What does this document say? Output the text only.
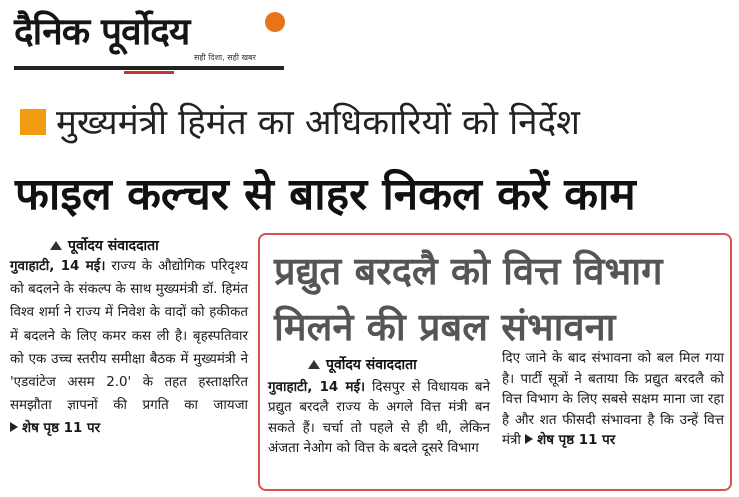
दैनिक पूर्वोदय
सही दिशा, सही खबर
मुख्यमंत्री हिमंत का अधिकारियों को निर्देश
फाइल कल्चर से बाहर निकल करें काम
पूर्वोदय संवाददाता
गुवाहाटी, 14 मई। राज्य के औद्योगिक परिदृश्य को बदलने के संकल्प के साथ मुख्यमंत्री डॉ. हिमंत विश्व शर्मा ने राज्य में निवेश के वादों को हकीकत में बदलने के लिए कमर कस ली है। बृहस्पतिवार को एक उच्च स्तरीय समीक्षा बैठक में मुख्यमंत्री ने 'एडवांटेज असम 2.0' के तहत हस्ताक्षरित समझौता ज्ञापनों की प्रगति का जायजा शेष पृष्ठ 11 पर
प्रद्युत बरदलै को वित्त विभाग
मिलने की प्रबल संभावना
पूर्वोदय संवाददाता
गुवाहाटी, 14 मई। दिसपुर से विधायक बने प्रद्युत बरदलै राज्य के अगले वित्त मंत्री बन सकते हैं। चर्चा तो पहले से ही थी, लेकिन अंजता नेओग को वित्त के बदले दूसरे विभाग
दिए जाने के बाद संभावना को बल मिल गया है। पार्टी सूत्रों ने बताया कि प्रद्युत बरदलै को वित्त विभाग के लिए सबसे सक्षम माना जा रहा है और शत फीसदी संभावना है कि उन्हें वित्त मंत्री शेष पृष्ठ 11 पर
